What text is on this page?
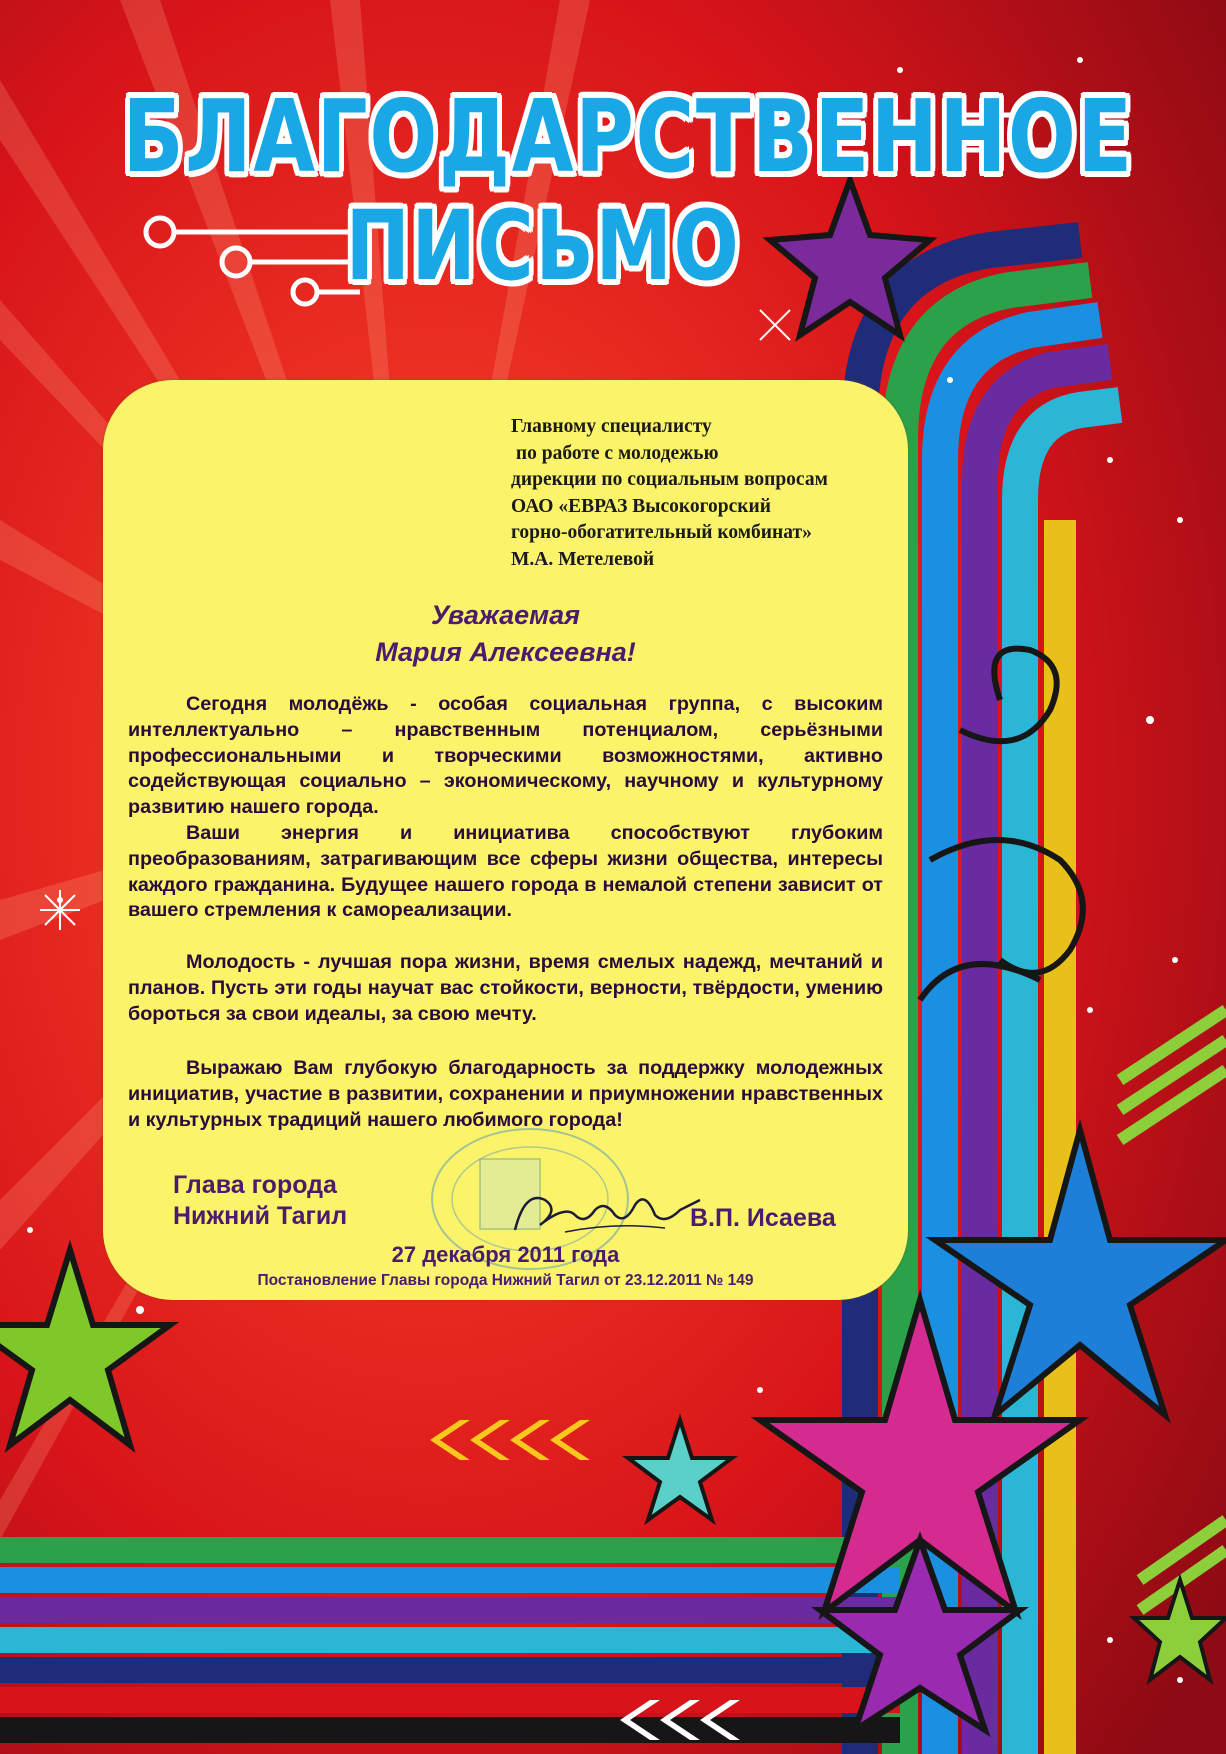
БЛАГОДАРСТВЕННОЕ
ПИСЬМО
Главному специалисту
по работе с молодежью
дирекции по социальным вопросам
ОАО «ЕВРАЗ Высокогорский
горно-обогатительный комбинат»
М.А. Метелевой
Уважаемая
Мария Алексеевна!
Сегодня молодёжь - особая социальная группа, с высоким интеллектуально – нравственным потенциалом, серьёзными профессиональными и творческими возможностями, активно содействующая социально – экономическому, научному и культурному развитию нашего города.
Ваши энергия и инициатива способствуют глубоким преобразованиям, затрагивающим все сферы жизни общества, интересы каждого гражданина. Будущее нашего города в немалой степени зависит от вашего стремления к самореализации.
Молодость - лучшая пора жизни, время смелых надежд, мечтаний и планов. Пусть эти годы научат вас стойкости, верности, твёрдости, умению бороться за свои идеалы, за свою мечту.
Выражаю Вам глубокую благодарность за поддержку молодежных инициатив, участие в развитии, сохранении и приумножении нравственных и культурных традиций нашего любимого города!
Глава города
Нижний Тагил	В.П. Исаева
27 декабря 2011 года
Постановление Главы города Нижний Тагил от 23.12.2011 № 149
